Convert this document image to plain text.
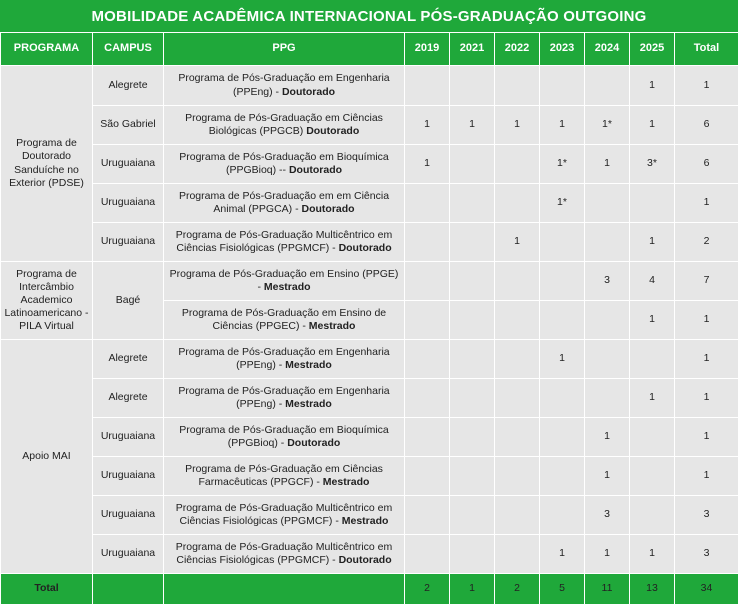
MOBILIDADE ACADÊMICA INTERNACIONAL PÓS-GRADUAÇÃO OUTGOING
PROGRAMA	CAMPUS	PPG	2019	2021	2022	2023	2024	2025	Total
Programa de Doutorado Sanduíche no Exterior (PDSE)	Alegrete	Programa de Pós-Graduação em Engenharia (PPEng) - Doutorado						1	1
	São Gabriel	Programa de Pós-Graduação em Ciências Biológicas (PPGCB) Doutorado	1	1	1	1	1*	1	6
	Uruguaiana	Programa de Pós-Graduação em Bioquímica (PPGBioq) -- Doutorado	1			1*	1	3*	6
	Uruguaiana	Programa de Pós-Graduação em em Ciência Animal (PPGCA) - Doutorado				1*			1
	Uruguaiana	Programa de Pós-Graduação Multicêntrico em Ciências Fisiológicas (PPGMCF) - Doutorado			1			1	2
Programa de Intercâmbio Academico Latinoamericano - PILA Virtual	Bagé	Programa de Pós-Graduação em Ensino (PPGE) - Mestrado					3	4	7
		Programa de Pós-Graduação em Ensino de Ciências (PPGEC) - Mestrado						1	1
Apoio MAI	Alegrete	Programa de Pós-Graduação em Engenharia (PPEng) - Mestrado				1			1
	Alegrete	Programa de Pós-Graduação em Engenharia (PPEng) - Mestrado						1	1
	Uruguaiana	Programa de Pós-Graduação em Bioquímica (PPGBioq) - Doutorado					1		1
	Uruguaiana	Programa de Pós-Graduação em Ciências Farmacêuticas (PPGCF) - Mestrado					1		1
	Uruguaiana	Programa de Pós-Graduação Multicêntrico em Ciências Fisiológicas (PPGMCF) - Mestrado					3		3
	Uruguaiana	Programa de Pós-Graduação Multicêntrico em Ciências Fisiológicas (PPGMCF) - Doutorado				1	1	1	3
Total			2	1	2	5	11	13	34
